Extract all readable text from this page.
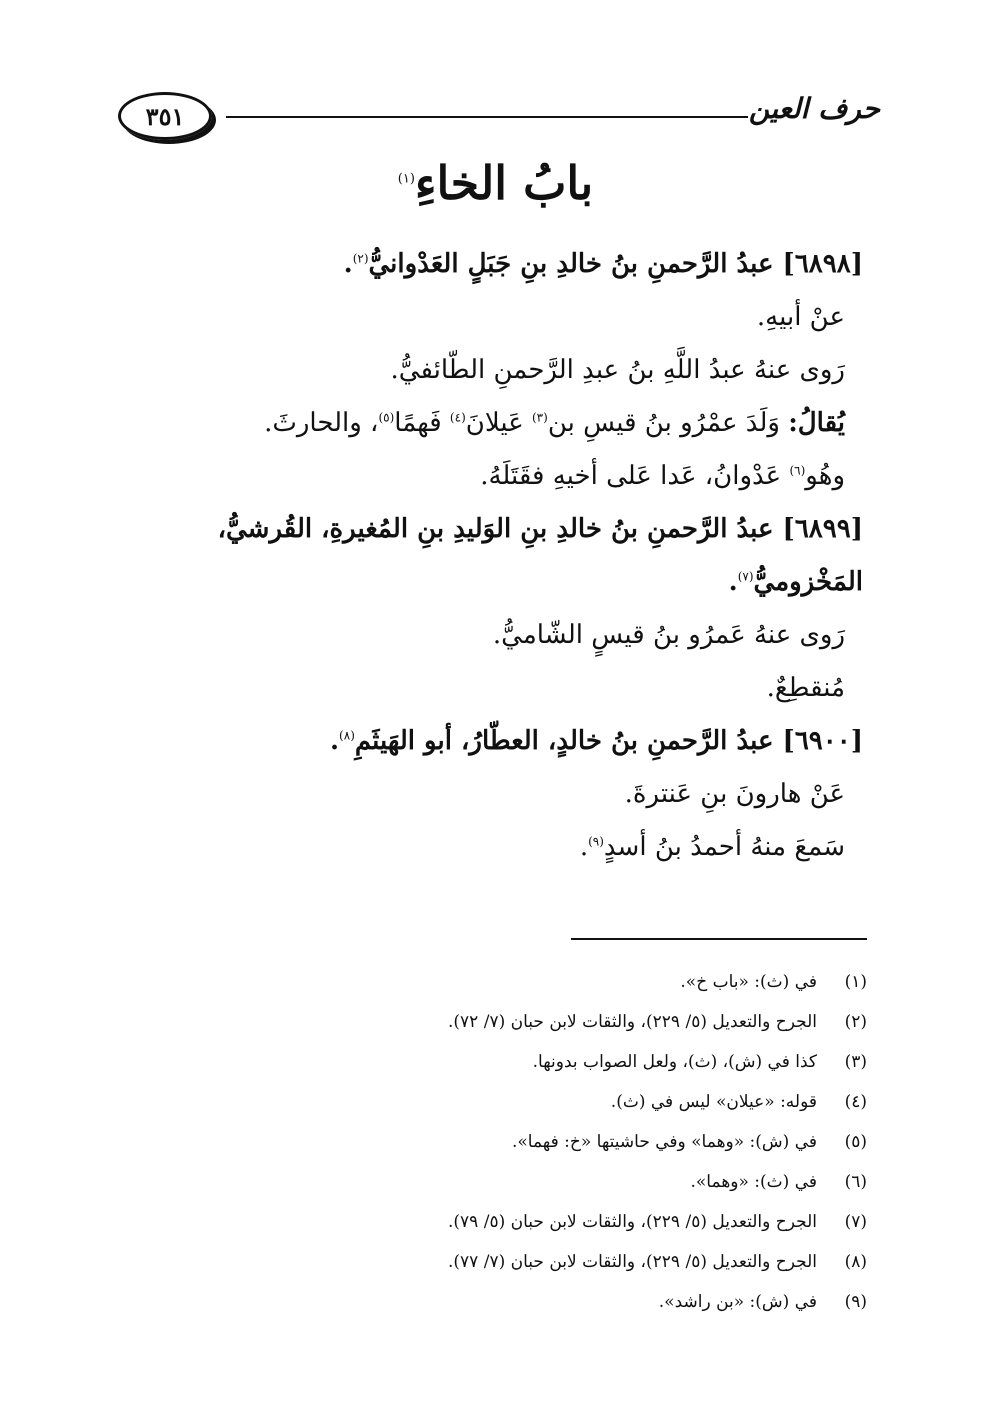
٣٥١	حرف العين
بابُ الخاءِ$^{(١)}$
[٦٨٩٨] عبدُ الرَّحمنِ بنُ خالدِ بنِ جَبَلٍ العَدْوانيُّ$^{(٢)}$.
عنْ أبيهِ.
رَوى عنهُ عبدُ اللَّهِ بنُ عبدِ الرَّحمنِ الطّائفيُّ.
يُقالُ: وَلَدَ عمْرُو بنُ قيسِ بن$^{(٣)}$ عَيلانَ$^{(٤)}$ فَهمًا$^{(٥)}$، والحارثَ.
وهُو$^{(٦)}$ عَدْوانُ، عَدا عَلى أخيهِ فقَتَلَهُ.
[٦٨٩٩] عبدُ الرَّحمنِ بنُ خالدِ بنِ الوَليدِ بنِ المُغيرةِ، القُرشيُّ،
المَخْزوميُّ$^{(٧)}$.
رَوى عنهُ عَمرُو بنُ قيسٍ الشّاميُّ.
مُنقطِعٌ.
[٦٩٠٠] عبدُ الرَّحمنِ بنُ خالدٍ، العطّارُ، أبو الهَيثَمِ$^{(٨)}$.
عَنْ هارونَ بنِ عَنترةَ.
سَمعَ منهُ أحمدُ بنُ أسدٍ$^{(٩)}$.
(١)
في (ث): «باب خ».
(٢)
الجرح والتعديل (٥/ ٢٢٩)، والثقات لابن حبان (٧/ ٧٢).
(٣)
كذا في (ش)، (ث)، ولعل الصواب بدونها.
(٤)
قوله: «عيلان» ليس في (ث).
(٥)
في (ش): «وهما» وفي حاشيتها «خ: فهما».
(٦)
في (ث): «وهما».
(٧)
الجرح والتعديل (٥/ ٢٢٩)، والثقات لابن حبان (٥/ ٧٩).
(٨)
الجرح والتعديل (٥/ ٢٢٩)، والثقات لابن حبان (٧/ ٧٧).
(٩)
في (ش): «بن راشد».
